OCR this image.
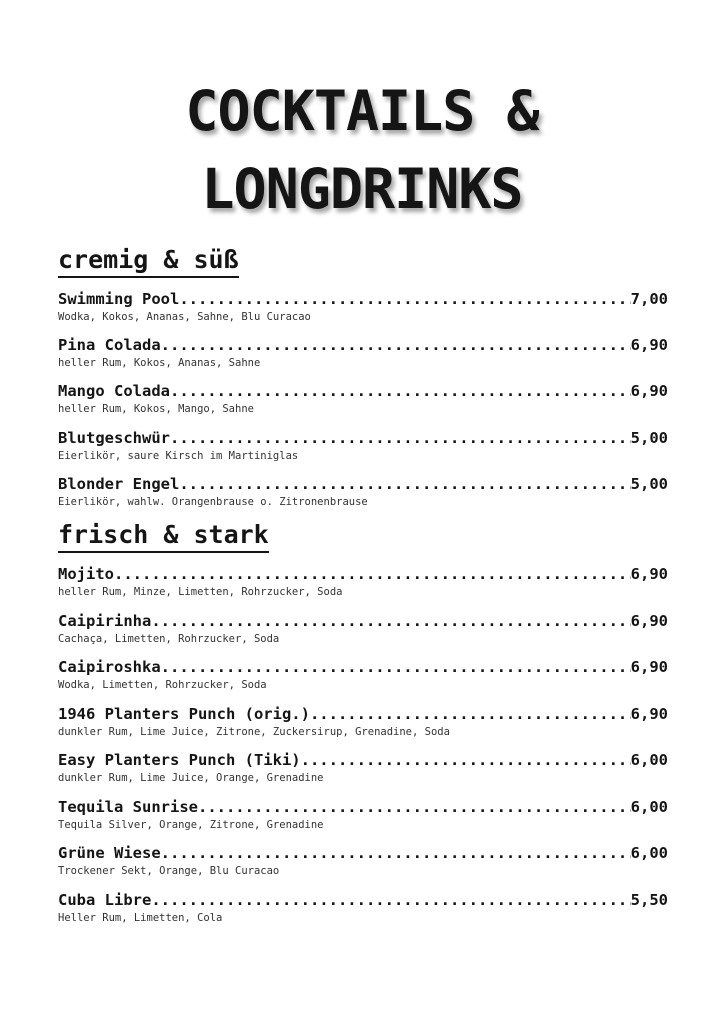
COCKTAILS &
LONGDRINKS
cremig & süß
Swimming Pool .....	7,00
Wodka, Kokos, Ananas, Sahne, Blu Curacao
Pina Colada .....	6,90
heller Rum, Kokos, Ananas, Sahne
Mango Colada .....	6,90
heller Rum, Kokos, Mango, Sahne
Blutgeschwür .....	5,00
Eierlikör, saure Kirsch im Martiniglas
Blonder Engel .....	5,00
Eierlikör, wahlw. Orangenbrause o. Zitronenbrause
frisch & stark
Mojito .....	6,90
heller Rum, Minze, Limetten, Rohrzucker, Soda
Caipirinha .....	6,90
Cachaça, Limetten, Rohrzucker, Soda
Caipiroshka .....	6,90
Wodka, Limetten, Rohrzucker, Soda
1946 Planters Punch (orig.) .....	6,90
dunkler Rum, Lime Juice, Zitrone, Zuckersirup, Grenadine, Soda
Easy Planters Punch (Tiki) .....	6,00
dunkler Rum, Lime Juice, Orange, Grenadine
Tequila Sunrise .....	6,00
Tequila Silver, Orange, Zitrone, Grenadine
Grüne Wiese .....	6,00
Trockener Sekt, Orange, Blu Curacao
Cuba Libre .....	5,50
Heller Rum, Limetten, Cola
